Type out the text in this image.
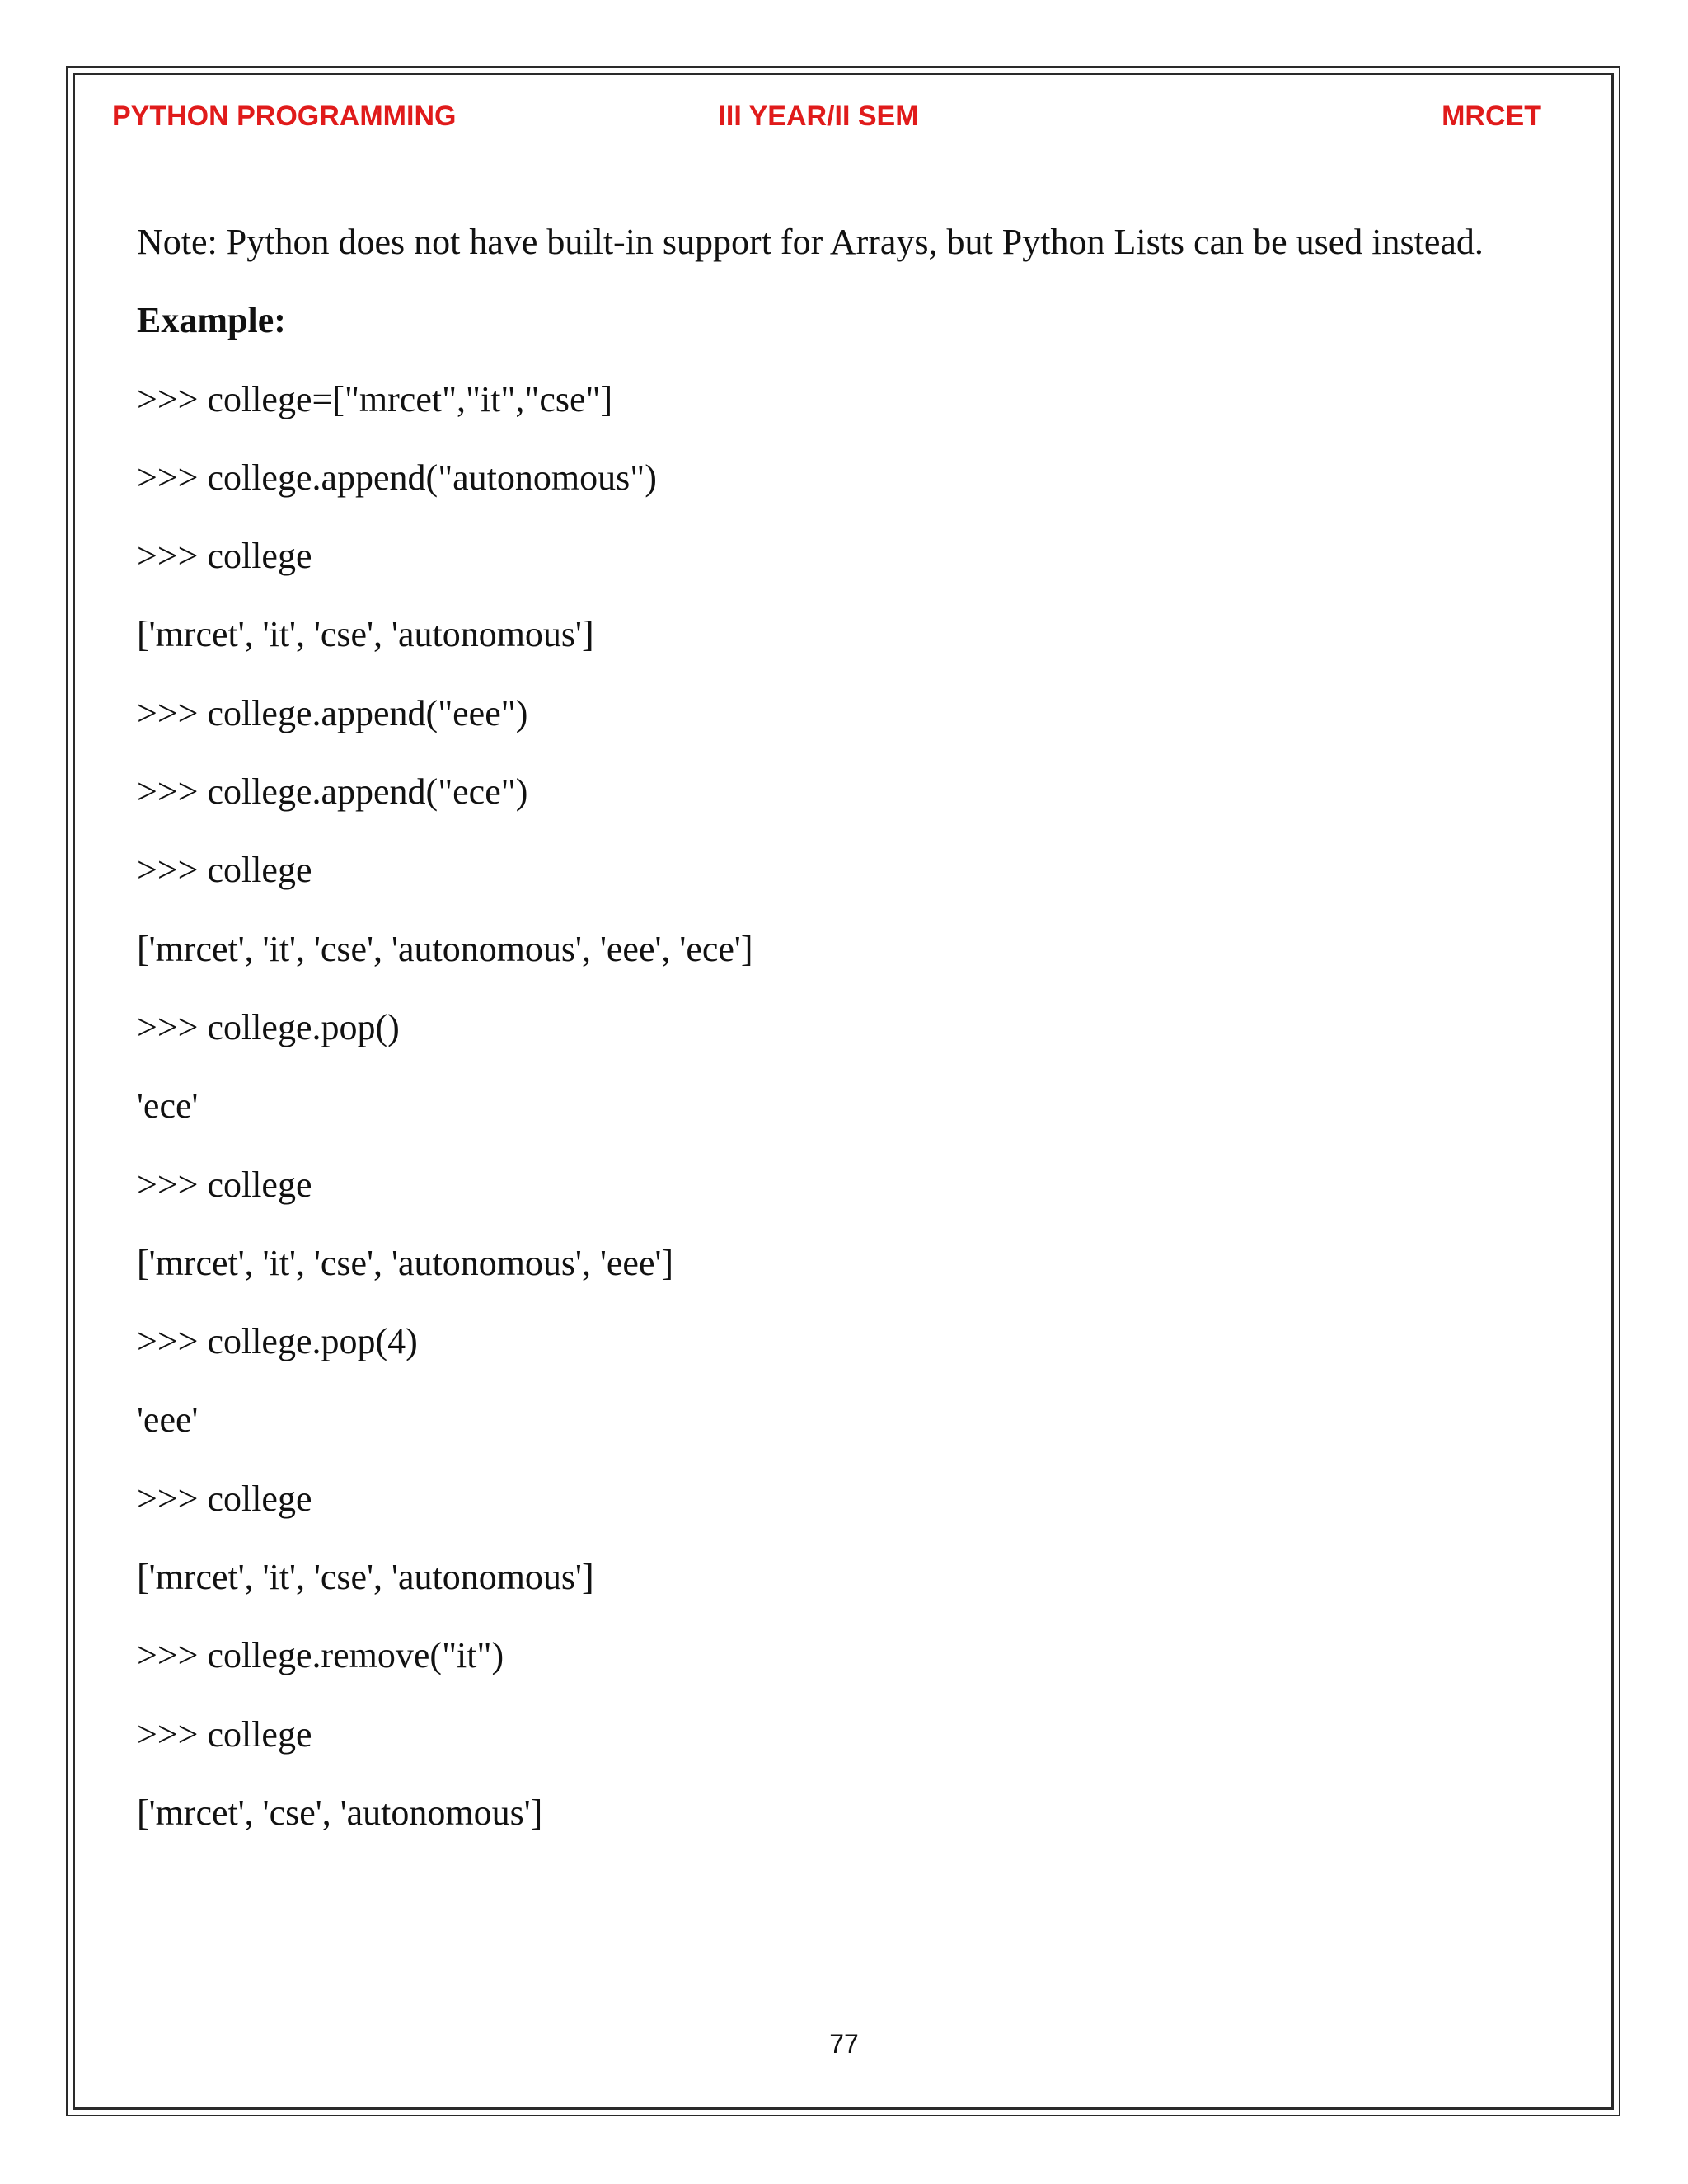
PYTHON PROGRAMMING	III YEAR/II SEM	MRCET
Note: Python does not have built-in support for Arrays, but Python Lists can be used instead.
Example:
>>> college=["mrcet","it","cse"]
>>> college.append("autonomous")
>>> college
['mrcet', 'it', 'cse', 'autonomous']
>>> college.append("eee")
>>> college.append("ece")
>>> college
['mrcet', 'it', 'cse', 'autonomous', 'eee', 'ece']
>>> college.pop()
'ece'
>>> college
['mrcet', 'it', 'cse', 'autonomous', 'eee']
>>> college.pop(4)
'eee'
>>> college
['mrcet', 'it', 'cse', 'autonomous']
>>> college.remove("it")
>>> college
['mrcet', 'cse', 'autonomous']
77
